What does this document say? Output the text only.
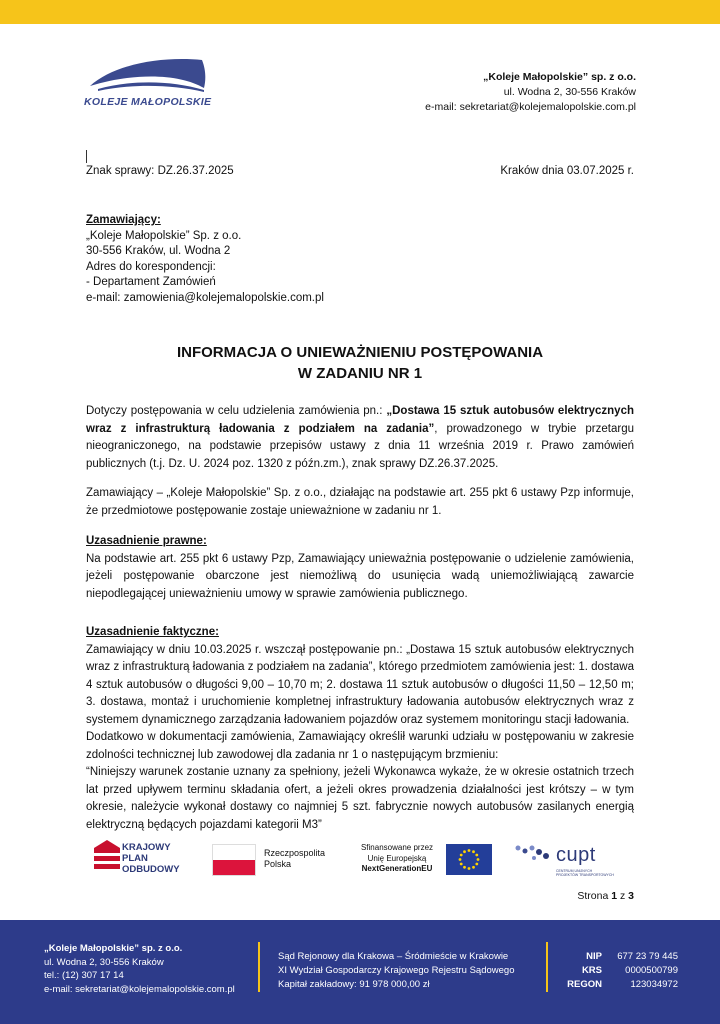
KOLEJE MAŁOPOLSKIE
„Koleje Małopolskie” sp. z o.o.
ul. Wodna 2, 30-556 Kraków
e-mail: sekretariat@kolejemalopolskie.com.pl
Znak sprawy: DZ.26.37.2025	Kraków dnia 03.07.2025 r.
Zamawiający:
„Koleje Małopolskie” Sp. z o.o.
30-556 Kraków, ul. Wodna 2
Adres do korespondencji:
- Departament Zamówień
e-mail: zamowienia@kolejemalopolskie.com.pl
INFORMACJA O UNIEWAŻNIENIU POSTĘPOWANIA
W ZADANIU NR 1
Dotyczy postępowania w celu udzielenia zamówienia pn.: „Dostawa 15 sztuk autobusów elektrycznych wraz z infrastrukturą ładowania z podziałem na zadania”, prowadzonego w trybie przetargu nieograniczonego, na podstawie przepisów ustawy z dnia 11 września 2019 r. Prawo zamówień publicznych (t.j. Dz. U. 2024 poz. 1320 z późn.zm.), znak sprawy DZ.26.37.2025.
Zamawiający – „Koleje Małopolskie” Sp. z o.o., działając na podstawie art. 255 pkt 6 ustawy Pzp informuje, że przedmiotowe postępowanie zostaje unieważnione w zadaniu nr 1.
Uzasadnienie prawne:
Na podstawie art. 255 pkt 6 ustawy Pzp, Zamawiający unieważnia postępowanie o udzielenie zamówienia, jeżeli postępowanie obarczone jest niemożliwą do usunięcia wadą uniemożliwiającą zawarcie niepodlegającej unieważnieniu umowy w sprawie zamówienia publicznego.
Uzasadnienie faktyczne:
Zamawiający w dniu 10.03.2025 r. wszczął postępowanie pn.: „Dostawa 15 sztuk autobusów elektrycznych wraz z infrastrukturą ładowania z podziałem na zadania”, którego przedmiotem zamówienia jest: 1. dostawa 4 sztuk autobusów o długości 9,00 – 10,70 m; 2. dostawa 11 sztuk autobusów o długości 11,50 – 12,50 m; 3. dostawa, montaż i uruchomienie kompletnej infrastruktury ładowania autobusów elektrycznych wraz z systemem dynamicznego zarządzania ładowaniem pojazdów oraz systemem monitoringu stacji ładowania.
Dodatkowo w dokumentacji zamówienia, Zamawiający określił warunki udziału w postępowaniu w zakresie zdolności technicznej lub zawodowej dla zadania nr 1 o następującym brzmieniu:
“Niniejszy warunek zostanie uznany za spełniony, jeżeli Wykonawca wykaże, że w okresie ostatnich trzech lat przed upływem terminu składania ofert, a jeżeli okres prowadzenia działalności jest krótszy – w tym okresie, należycie wykonał dostawy co najmniej 5 szt. fabrycznie nowych autobusów zasilanych energią elektryczną będących pojazdami kategorii M3”
KRAJOWY
PLAN
ODBUDOWY
Rzeczpospolita
Polska
Sfinansowane przez
Unię Europejską
NextGenerationEU
cupt
CENTRUM UNIJNYCH
PROJEKTÓW TRANSPORTOWYCH
Strona 1 z 3
„Koleje Małopolskie” sp. z o.o.
ul. Wodna 2, 30-556 Kraków
tel.: (12) 307 17 14
e-mail: sekretariat@kolejemalopolskie.com.pl
Sąd Rejonowy dla Krakowa – Śródmieście w Krakowie
XI Wydział Gospodarczy Krajowego Rejestru Sądowego
Kapitał zakładowy: 91 978 000,00 zł
NIP 677 23 79 445
KRS	0000500799
REGON	123034972
